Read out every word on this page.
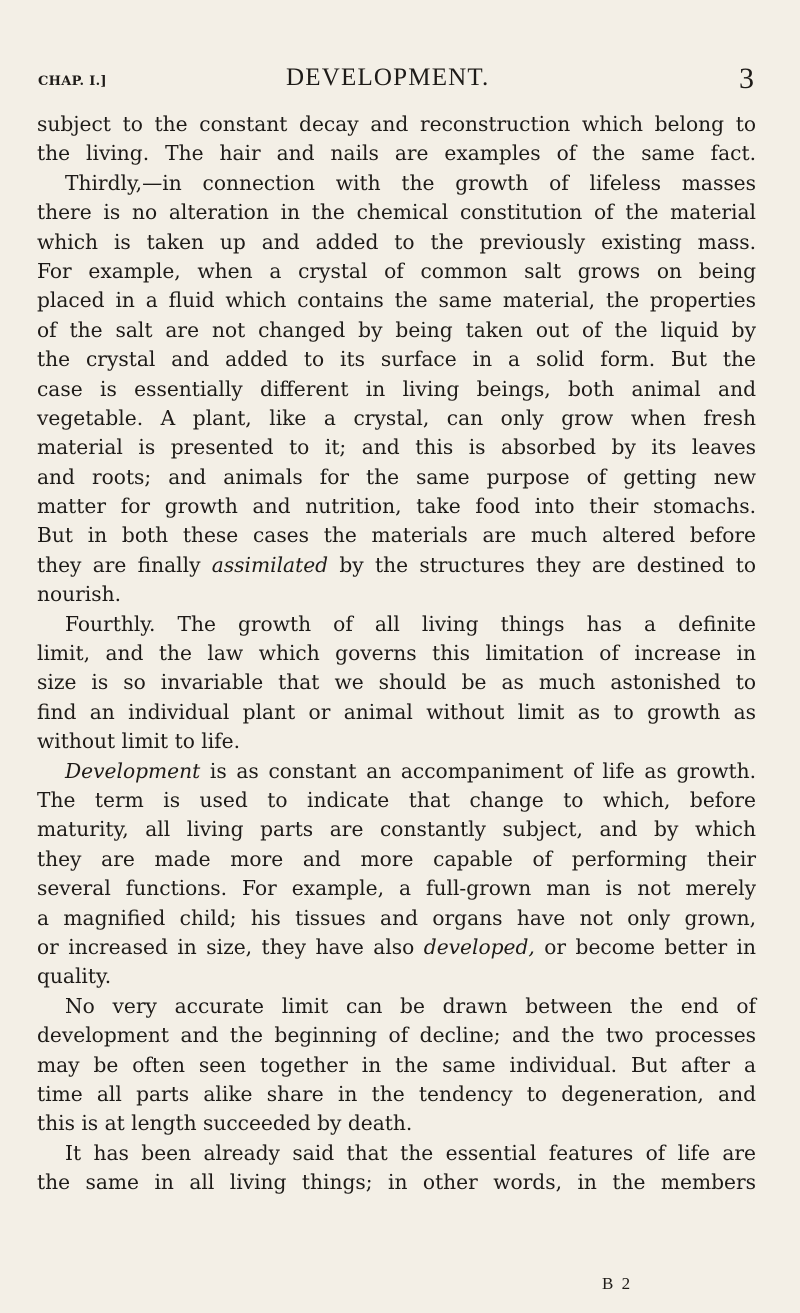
CHAP. I.]	DEVELOPMENT.	3
subject to the constant decay and reconstruction which belong to
the living. The hair and nails are examples of the same fact.
Thirdly,—in connection with the growth of lifeless masses
there is no alteration in the chemical constitution of the material
which is taken up and added to the previously existing mass.
For example, when a crystal of common salt grows on being
placed in a fluid which contains the same material, the properties
of the salt are not changed by being taken out of the liquid by
the crystal and added to its surface in a solid form. But the
case is essentially different in living beings, both animal and
vegetable. A plant, like a crystal, can only grow when fresh
material is presented to it; and this is absorbed by its leaves
and roots; and animals for the same purpose of getting new
matter for growth and nutrition, take food into their stomachs.
But in both these cases the materials are much altered before
they are finally assimilated by the structures they are destined to
nourish.
Fourthly. The growth of all living things has a definite
limit, and the law which governs this limitation of increase in
size is so invariable that we should be as much astonished to
find an individual plant or animal without limit as to growth as
without limit to life.
Development is as constant an accompaniment of life as growth.
The term is used to indicate that change to which, before
maturity, all living parts are constantly subject, and by which
they are made more and more capable of performing their
several functions. For example, a full-grown man is not merely
a magnified child; his tissues and organs have not only grown,
or increased in size, they have also developed, or become better in
quality.
No very accurate limit can be drawn between the end of
development and the beginning of decline; and the two processes
may be often seen together in the same individual. But after a
time all parts alike share in the tendency to degeneration, and
this is at length succeeded by death.
It has been already said that the essential features of life are
the same in all living things; in other words, in the members
B 2
